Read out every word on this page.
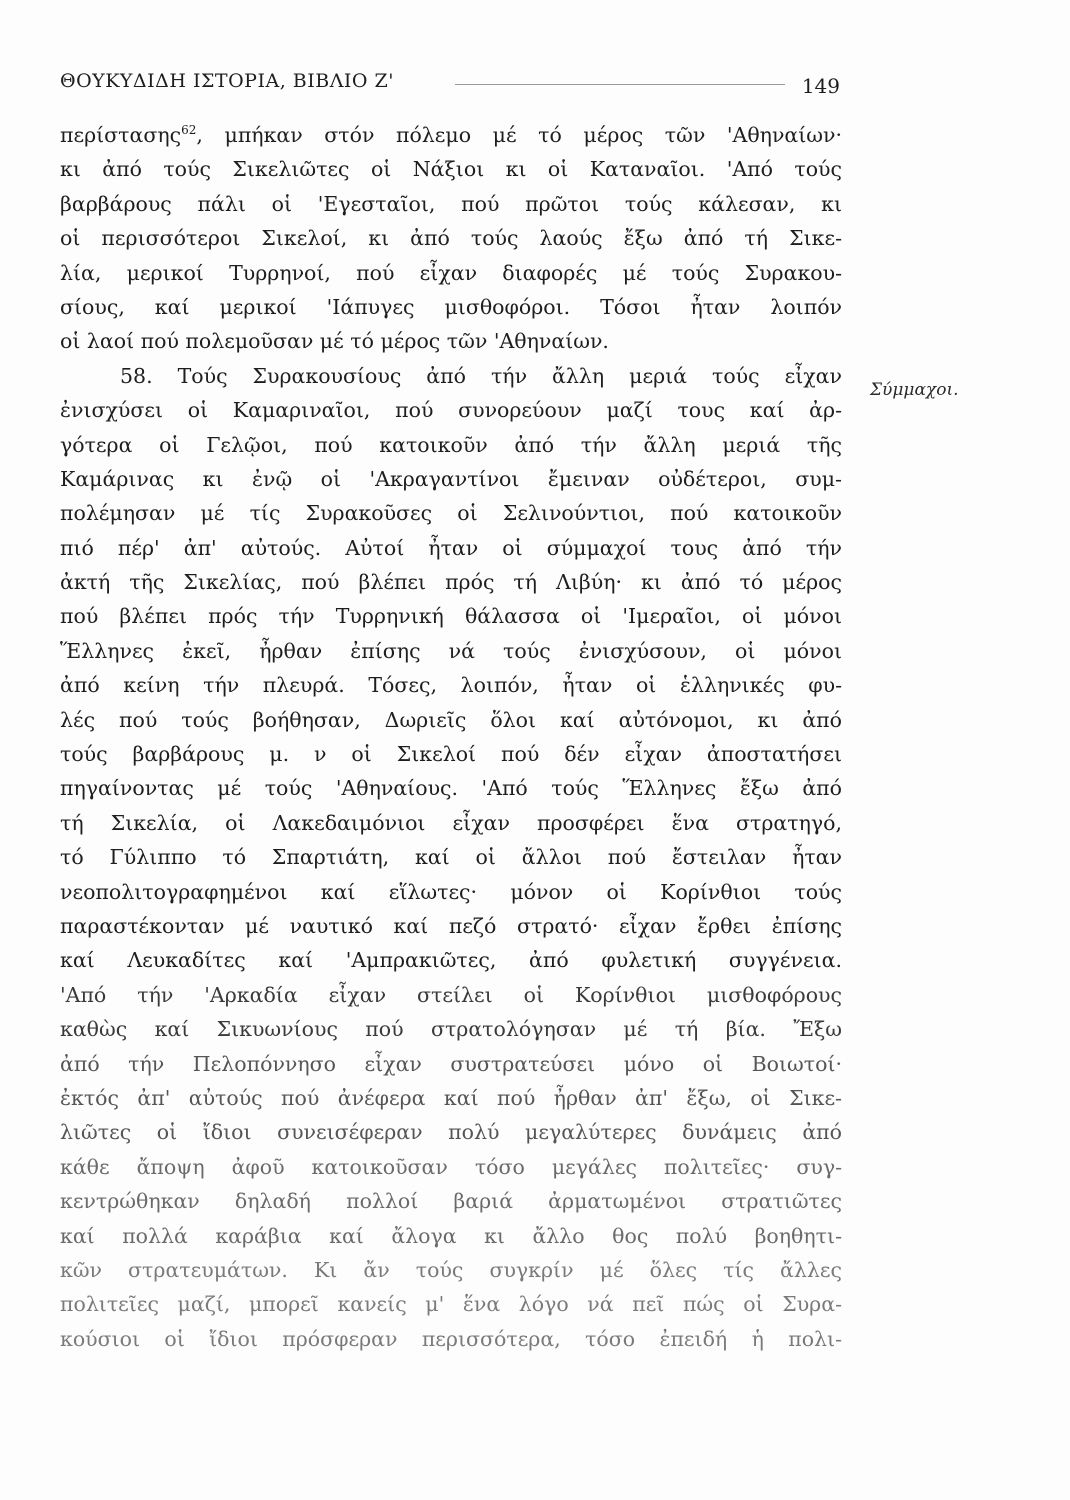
ΘΟΥΚΥΔΙΔΗ ΙΣΤΟΡΙΑ, ΒΙΒΛΙΟ Ζ'	149
Σύμμαχοι.
περίστασης$^{62}$, μπήκαν στόν πόλεμο μέ τό μέρος τῶν 'Αθηναίων·
κι ἀπό τούς Σικελιῶτες οἱ Νάξιοι κι οἱ Καταναῖοι. 'Από τούς
βαρβάρους πάλι οἱ 'Εγεσταῖοι, πού πρῶτοι τούς κάλεσαν, κι
οἱ περισσότεροι Σικελοί, κι ἀπό τούς λαούς ἔξω ἀπό τή Σικε-
λία, μερικοί Τυρρηνοί, πού εἶχαν διαφορές μέ τούς Συρακου-
σίους, καί μερικοί 'Ιάπυγες μισθοφόροι. Τόσοι ἦταν λοιπόν
οἱ λαοί πού πολεμοῦσαν μέ τό μέρος τῶν 'Αθηναίων.
58. Τούς Συρακουσίους ἀπό τήν ἄλλη μεριά τούς εἶχαν
ἐνισχύσει οἱ Καμαριναῖοι, πού συνορεύουν μαζί τους καί ἀρ-
γότερα οἱ Γελῷοι, πού κατοικοῦν ἀπό τήν ἄλλη μεριά τῆς
Καμάρινας κι ἐνῷ οἱ 'Ακραγαντίνοι ἔμειναν οὐδέτεροι, συμ-
πολέμησαν μέ τίς Συρακοῦσες οἱ Σελινούντιοι, πού κατοικοῦν
πιό πέρ' ἀπ' αὐτούς. Αὐτοί ἦταν οἱ σύμμαχοί τους ἀπό τήν
ἀκτή τῆς Σικελίας, πού βλέπει πρός τή Λιβύη· κι ἀπό τό μέρος
πού βλέπει πρός τήν Τυρρηνική θάλασσα οἱ 'Ιμεραῖοι, οἱ μόνοι
Ἕλληνες ἐκεῖ, ἦρθαν ἐπίσης νά τούς ἐνισχύσουν, οἱ μόνοι
ἀπό κείνη τήν πλευρά. Τόσες, λοιπόν, ἦταν οἱ ἑλληνικές φυ-
λές πού τούς βοήθησαν, Δωριεῖς ὅλοι καί αὐτόνομοι, κι ἀπό
τούς βαρβάρους μ. ν οἱ Σικελοί πού δέν εἶχαν ἀποστατήσει
πηγαίνοντας μέ τούς 'Αθηναίους. 'Από τούς Ἕλληνες ἔξω ἀπό
τή Σικελία, οἱ Λακεδαιμόνιοι εἶχαν προσφέρει ἕνα στρατηγό,
τό Γύλιππο τό Σπαρτιάτη, καί οἱ ἄλλοι πού ἔστειλαν ἦταν
νεοπολιτογραφημένοι καί εἵλωτες· μόνον οἱ Κορίνθιοι τούς
παραστέκονταν μέ ναυτικό καί πεζό στρατό· εἶχαν ἔρθει ἐπίσης
καί Λευκαδίτες καί 'Αμπρακιῶτες, ἀπό φυλετική συγγένεια.
'Από τήν 'Αρκαδία εἶχαν στείλει οἱ Κορίνθιοι μισθοφόρους
καθὼς καί Σικυωνίους πού στρατολόγησαν μέ τή βία. Ἔξω
ἀπό τήν Πελοπόννησο εἶχαν συστρατεύσει μόνο οἱ Βοιωτοί·
ἐκτός ἀπ' αὐτούς πού ἀνέφερα καί πού ἦρθαν ἀπ' ἔξω, οἱ Σικε-
λιῶτες οἱ ἴδιοι συνεισέφεραν πολύ μεγαλύτερες δυνάμεις ἀπό
κάθε ἄποψη ἀφοῦ κατοικοῦσαν τόσο μεγάλες πολιτεῖες· συγ-
κεντρώθηκαν δηλαδή πολλοί βαριά ἀρματωμένοι στρατιῶτες
καί πολλά καράβια καί ἄλογα κι ἄλλο θος πολύ βοηθητι-
κῶν στρατευμάτων. Κι ἄν τούς συγκρίν μέ ὅλες τίς ἄλλες
πολιτεῖες μαζί, μπορεῖ κανείς μ' ἕνα λόγο νά πεῖ πώς οἱ Συρα-
κούσιοι οἱ ἴδιοι πρόσφεραν περισσότερα, τόσο ἐπειδή ἡ πολι-
